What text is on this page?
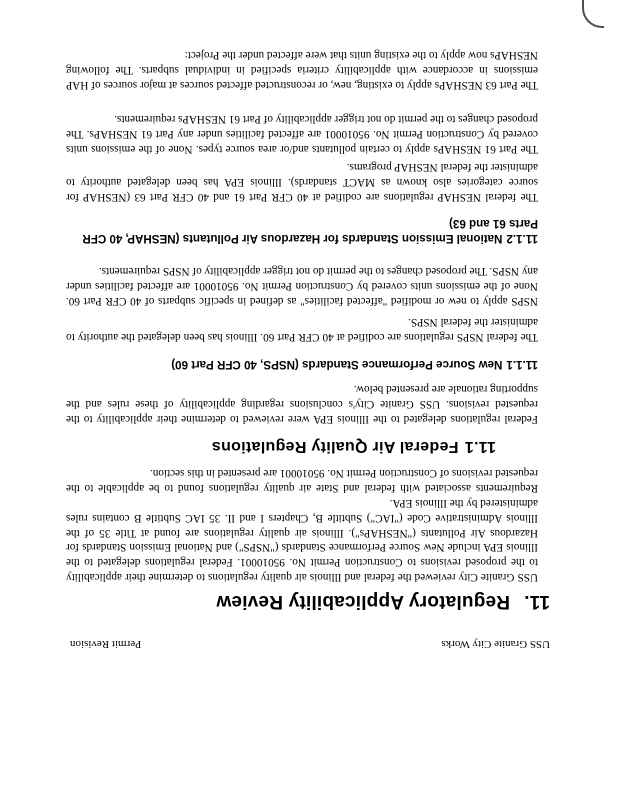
USS Granite City Works
Permit Revision
11.Regulatory Applicability Review

USS Granite City reviewed the federal and Illinois air quality regulations to determine their applicability to the proposed revisions to Construction Permit No. 95010001. Federal regulations delegated to the Illinois EPA include New Source Performance Standards ("NSPS") and National Emission Standards for Hazardous Air Pollutants ("NESHAPs"). Illinois air quality regulations are found at Title 35 of the Illinois Administrative Code ("IAC") Subtitle B, Chapters I and II. 35 IAC Subtitle B contains rules administered by the Illinois EPA.

Requirements associated with federal and State air quality regulations found to be applicable to the requested revisions of Construction Permit No. 95010001 are presented in this section.

11.1Federal Air Quality Regulations

Federal regulations delegated to the Illinois EPA were reviewed to determine their applicability to the requested revisions. USS Granite City's conclusions regarding applicability of these rules and the supporting rationale are presented below.

11.1.1New Source Performance Standards (NSPS, 40 CFR Part 60)

The federal NSPS regulations are codified at 40 CFR Part 60. Illinois has been delegated the authority to administer the federal NSPS.

NSPS apply to new or modified "affected facilities" as defined in specific subparts of 40 CFR Part 60. None of the emissions units covered by Construction Permit No. 95010001 are affected facilities under any NSPS. The proposed changes to the permit do not trigger applicability of NSPS requirements.

11.1.2National Emission Standards for Hazardous Air Pollutants (NESHAP, 40 CFR Parts 61 and 63)

The federal NESHAP regulations are codified at 40 CFR Part 61 and 40 CFR Part 63 (NESHAP for source categories also known as MACT standards). Illinois EPA has been delegated authority to administer the federal NESHAP programs.

The Part 61 NESHAPs apply to certain pollutants and/or area source types. None of the emissions units covered by Construction Permit No. 95010001 are affected facilities under any Part 61 NESHAPs. The proposed changes to the permit do not trigger applicability of Part 61 NESHAPs requirements.

The Part 63 NESHAPs apply to existing, new, or reconstructed affected sources at major sources of HAP emissions in accordance with applicability criteria specified in individual subparts. The following NESHAPs now apply to the existing units that were affected under the Project:
